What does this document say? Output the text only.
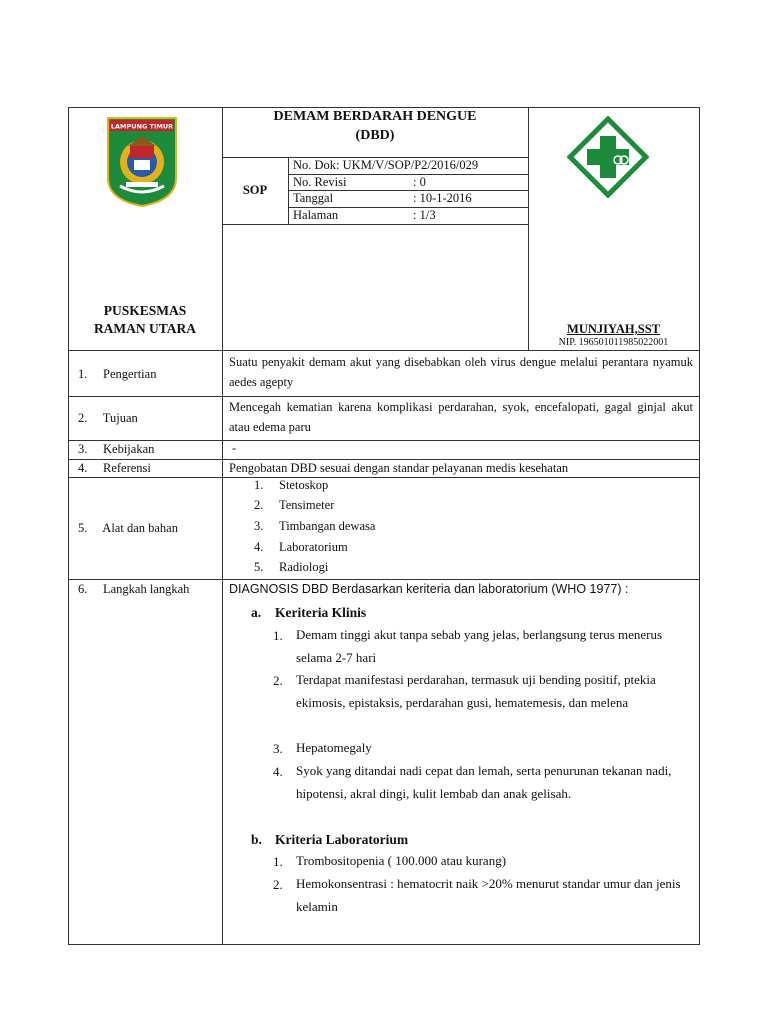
LAMPUNG TIMUR
PUSKESMAS
RAMAN UTARA
DEMAM BERDARAH DENGUE
(DBD)
SOP
No. Dok: UKM/V/SOP/P2/2016/029
No. Revisi	: 0
Tanggal	: 10-1-2016
Halaman	: 1/3
MUNJIYAH,SST
NIP. 196501011985022001
1.     Pengertian
Suatu penyakit demam akut yang disebabkan oleh virus dengue melalui perantara nyamuk aedes agepty
2.     Tujuan
Mencegah kematian karena komplikasi perdarahan, syok, encefalopati, gagal ginjal akut atau edema paru
3.     Kebijakan	-
4.     Referensi	Pengobatan DBD sesuai dengan standar pelayanan medis kesehatan
5.     Alat dan bahan
1. Stetoskop
2. Tensimeter
3. Timbangan dewasa
4. Laboratorium
5. Radiologi
6.     Langkah langkah	DIAGNOSIS DBD Berdasarkan keriteria dan laboratorium (WHO 1977) :
a. Keriteria Klinis
1. Demam tinggi akut tanpa sebab yang jelas, berlangsung terus menerus selama 2-7 hari
2. Terdapat manifestasi perdarahan, termasuk uji bending positif, ptekia ekimosis, epistaksis, perdarahan gusi, hematemesis, dan melena
3. Hepatomegaly
4. Syok yang ditandai nadi cepat dan lemah, serta penurunan tekanan nadi, hipotensi, akral dingi, kulit lembab dan anak gelisah.
b. Kriteria Laboratorium
1. Trombositopenia ( 100.000 atau kurang)
2. Hemokonsentrasi : hematocrit naik >20% menurut standar umur dan jenis kelamin
